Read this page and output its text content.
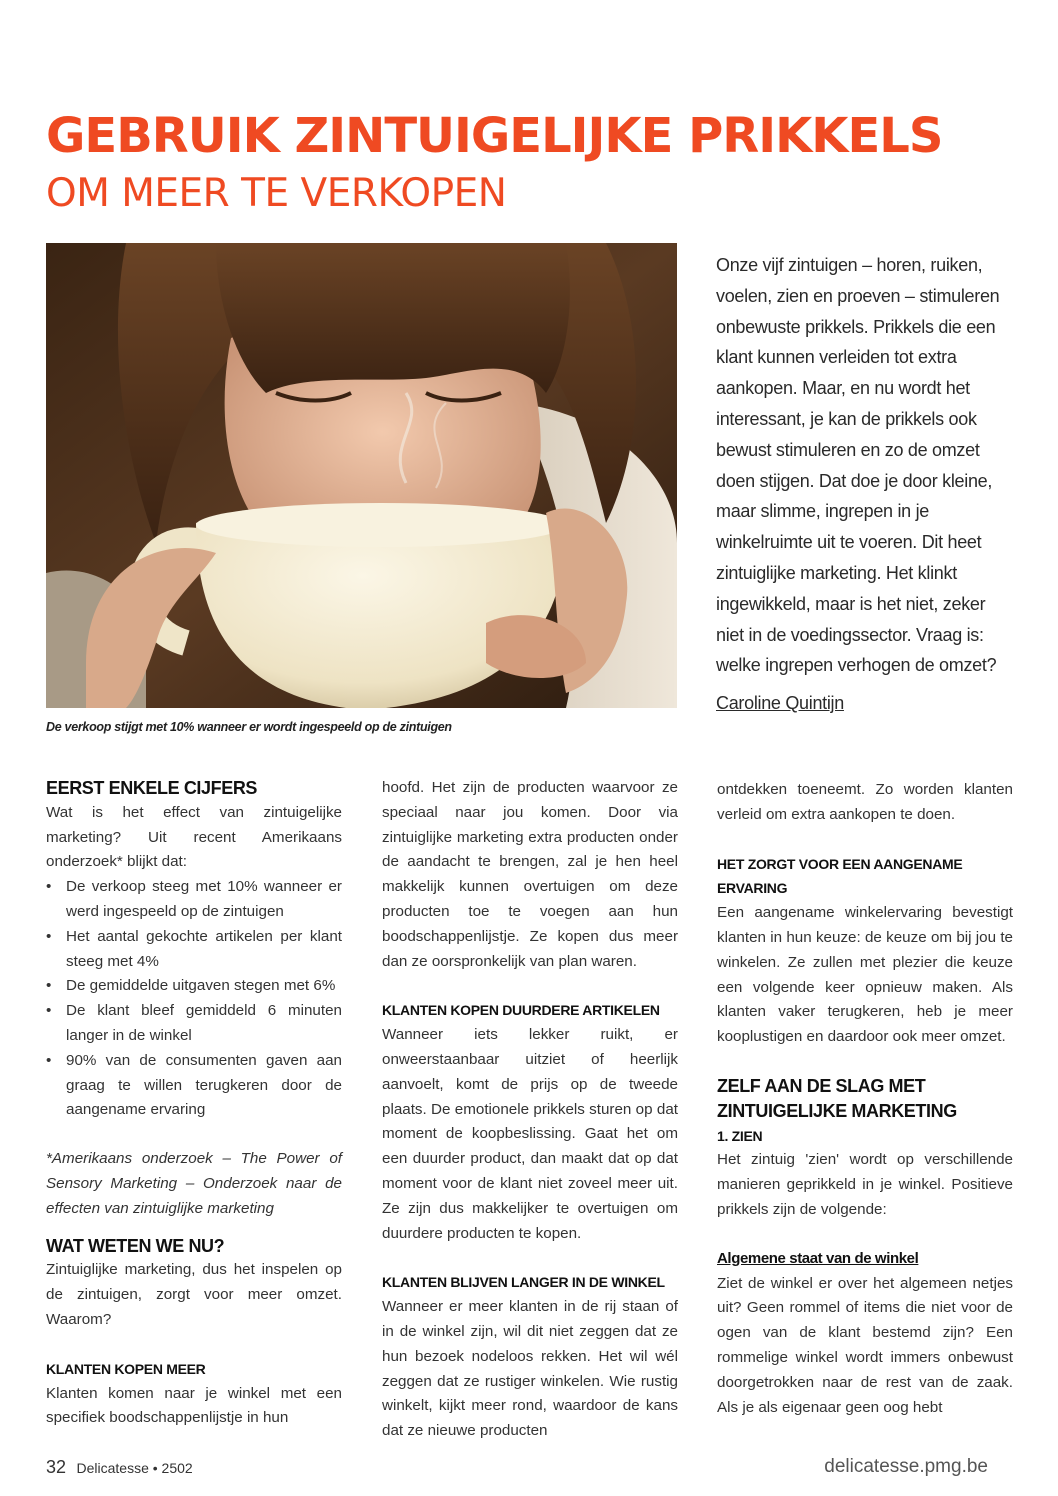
GEBRUIK ZINTUIGELIJKE PRIKKELS
OM MEER TE VERKOPEN

De verkoop stijgt met 10% wanneer er wordt ingespeeld op de zintuigen

Onze vijf zintuigen – horen, ruiken, voelen, zien en proeven – stimuleren onbewuste prikkels. Prikkels die een klant kunnen verleiden tot extra aankopen. Maar, en nu wordt het interessant, je kan de prikkels ook bewust stimuleren en zo de omzet doen stijgen. Dat doe je door kleine, maar slimme, ingrepen in je winkelruimte uit te voeren. Dit heet zintuiglijke marketing. Het klinkt ingewikkeld, maar is het niet, zeker niet in de voedingssector. Vraag is: welke ingrepen verhogen de omzet?

Caroline Quintijn

EERST ENKELE CIJFERS

Wat is het effect van zintuigelijke marketing? Uit recent Amerikaans onderzoek* blijkt dat:

• De verkoop steeg met 10% wanneer er werd ingespeeld op de zintuigen
• Het aantal gekochte artikelen per klant steeg met 4%
• De gemiddelde uitgaven stegen met 6%
• De klant bleef gemiddeld 6 minuten langer in de winkel
• 90% van de consumenten gaven aan graag te willen terugkeren door de aangename ervaring

*Amerikaans onderzoek – The Power of Sensory Marketing – Onderzoek naar de effecten van zintuiglijke marketing

WAT WETEN WE NU?

Zintuiglijke marketing, dus het inspelen op de zintuigen, zorgt voor meer omzet. Waarom?

KLANTEN KOPEN MEER

Klanten komen naar je winkel met een specifiek boodschappenlijstje in hun

hoofd. Het zijn de producten waarvoor ze speciaal naar jou komen. Door via zintuiglijke marketing extra producten onder de aandacht te brengen, zal je hen heel makkelijk kunnen overtuigen om deze producten toe te voegen aan hun boodschappenlijstje. Ze kopen dus meer dan ze oorspronkelijk van plan waren.

KLANTEN KOPEN DUURDERE ARTIKELEN

Wanneer iets lekker ruikt, er onweerstaanbaar uitziet of heerlijk aanvoelt, komt de prijs op de tweede plaats. De emotionele prikkels sturen op dat moment de koopbeslissing. Gaat het om een duurder product, dan maakt dat op dat moment voor de klant niet zoveel meer uit. Ze zijn dus makkelijker te overtuigen om duurdere producten te kopen.

KLANTEN BLIJVEN LANGER IN DE WINKEL

Wanneer er meer klanten in de rij staan of in de winkel zijn, wil dit niet zeggen dat ze hun bezoek nodeloos rekken. Het wil wél zeggen dat ze rustiger winkelen. Wie rustig winkelt, kijkt meer rond, waardoor de kans dat ze nieuwe producten

ontdekken toeneemt. Zo worden klanten verleid om extra aankopen te doen.

HET ZORGT VOOR EEN AANGENAME ERVARING

Een aangename winkelervaring bevestigt klanten in hun keuze: de keuze om bij jou te winkelen. Ze zullen met plezier die keuze een volgende keer opnieuw maken. Als klanten vaker terugkeren, heb je meer kooplustigen en daardoor ook meer omzet.

ZELF AAN DE SLAG MET ZINTUIGELIJKE MARKETING
1. ZIEN

Het zintuig 'zien' wordt op verschillende manieren geprikkeld in je winkel. Positieve prikkels zijn de volgende:

Algemene staat van de winkel

Ziet de winkel er over het algemeen netjes uit? Geen rommel of items die niet voor de ogen van de klant bestemd zijn? Een rommelige winkel wordt immers onbewust doorgetrokken naar de rest van de zaak. Als je als eigenaar geen oog hebt

32 Delicatesse • 2502	delicatesse.pmg.be
